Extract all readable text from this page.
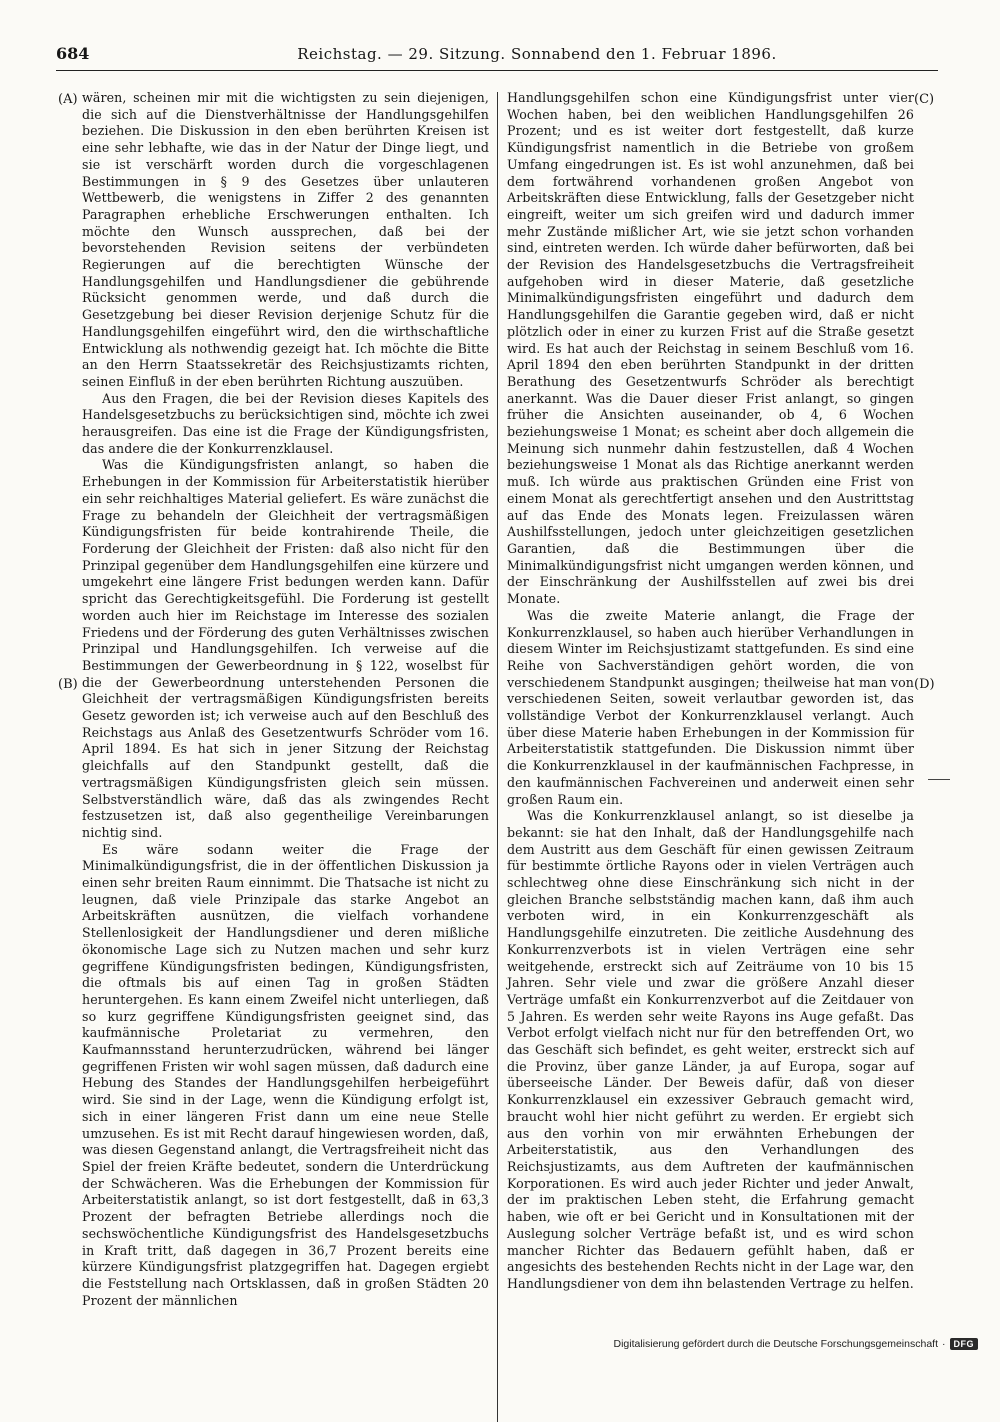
684	Reichstag. — 29. Sitzung. Sonnabend den 1. Februar 1896.
(A)
(B)
(C)
(D)

wären, scheinen mir mit die wichtigsten zu sein diejenigen, die sich auf die Dienstverhältnisse der Handlungsgehilfen beziehen. Die Diskussion in den eben berührten Kreisen ist eine sehr lebhafte, wie das in der Natur der Dinge liegt, und sie ist verschärft worden durch die vorgeschlagenen Bestimmungen in § 9 des Gesetzes über unlauteren Wettbewerb, die wenigstens in Ziffer 2 des genannten Paragraphen erhebliche Erschwerungen enthalten. Ich möchte den Wunsch aussprechen, daß bei der bevorstehenden Revision seitens der verbündeten Regierungen auf die berechtigten Wünsche der Handlungsgehilfen und Handlungsdiener die gebührende Rücksicht genommen werde, und daß durch die Gesetzgebung bei dieser Revision derjenige Schutz für die Handlungsgehilfen eingeführt wird, den die wirthschaftliche Entwicklung als nothwendig gezeigt hat. Ich möchte die Bitte an den Herrn Staatssekretär des Reichsjustizamts richten, seinen Einfluß in der eben berührten Richtung auszuüben.

Aus den Fragen, die bei der Revision dieses Kapitels des Handelsgesetzbuchs zu berücksichtigen sind, möchte ich zwei herausgreifen. Das eine ist die Frage der Kündigungsfristen, das andere die der Konkurrenzklausel.

Was die Kündigungsfristen anlangt, so haben die Erhebungen in der Kommission für Arbeiterstatistik hierüber ein sehr reichhaltiges Material geliefert. Es wäre zunächst die Frage zu behandeln der Gleichheit der vertragsmäßigen Kündigungsfristen für beide kontrahirende Theile, die Forderung der Gleichheit der Fristen: daß also nicht für den Prinzipal gegenüber dem Handlungsgehilfen eine kürzere und umgekehrt eine längere Frist bedungen werden kann. Dafür spricht das Gerechtigkeitsgefühl. Die Forderung ist gestellt worden auch hier im Reichstage im Interesse des sozialen Friedens und der Förderung des guten Verhältnisses zwischen Prinzipal und Handlungsgehilfen. Ich verweise auf die Bestimmungen der Gewerbeordnung in § 122, woselbst für die der Gewerbeordnung unterstehenden Personen die Gleichheit der vertragsmäßigen Kündigungsfristen bereits Gesetz geworden ist; ich verweise auch auf den Beschluß des Reichstags aus Anlaß des Gesetzentwurfs Schröder vom 16. April 1894. Es hat sich in jener Sitzung der Reichstag gleichfalls auf den Standpunkt gestellt, daß die vertragsmäßigen Kündigungsfristen gleich sein müssen. Selbstverständlich wäre, daß das als zwingendes Recht festzusetzen ist, daß also gegentheilige Vereinbarungen nichtig sind.

Es wäre sodann weiter die Frage der Minimalkündigungsfrist, die in der öffentlichen Diskussion ja einen sehr breiten Raum einnimmt. Die Thatsache ist nicht zu leugnen, daß viele Prinzipale das starke Angebot an Arbeitskräften ausnützen, die vielfach vorhandene Stellenlosigkeit der Handlungsdiener und deren mißliche ökonomische Lage sich zu Nutzen machen und sehr kurz gegriffene Kündigungsfristen bedingen, Kündigungsfristen, die oftmals bis auf einen Tag in großen Städten heruntergehen. Es kann einem Zweifel nicht unterliegen, daß so kurz gegriffene Kündigungsfristen geeignet sind, das kaufmännische Proletariat zu vermehren, den Kaufmannsstand herunterzudrücken, während bei länger gegriffenen Fristen wir wohl sagen müssen, daß dadurch eine Hebung des Standes der Handlungsgehilfen herbeigeführt wird. Sie sind in der Lage, wenn die Kündigung erfolgt ist, sich in einer längeren Frist dann um eine neue Stelle umzusehen. Es ist mit Recht darauf hingewiesen worden, daß, was diesen Gegenstand anlangt, die Vertragsfreiheit nicht das Spiel der freien Kräfte bedeutet, sondern die Unterdrückung der Schwächeren. Was die Erhebungen der Kommission für Arbeiterstatistik anlangt, so ist dort festgestellt, daß in 63,3 Prozent der befragten Betriebe allerdings noch die sechswöchentliche Kündigungsfrist des Handelsgesetzbuchs in Kraft tritt, daß dagegen in 36,7 Prozent bereits eine kürzere Kündigungsfrist platzgegriffen hat. Dagegen ergiebt die Feststellung nach Ortsklassen, daß in großen Städten 20 Prozent der männlichen

Handlungsgehilfen schon eine Kündigungsfrist unter vier Wochen haben, bei den weiblichen Handlungsgehilfen 26 Prozent; und es ist weiter dort festgestellt, daß kurze Kündigungsfrist namentlich in die Betriebe von großem Umfang eingedrungen ist. Es ist wohl anzunehmen, daß bei dem fortwährend vorhandenen großen Angebot von Arbeitskräften diese Entwicklung, falls der Gesetzgeber nicht eingreift, weiter um sich greifen wird und dadurch immer mehr Zustände mißlicher Art, wie sie jetzt schon vorhanden sind, eintreten werden. Ich würde daher befürworten, daß bei der Revision des Handelsgesetzbuchs die Vertragsfreiheit aufgehoben wird in dieser Materie, daß gesetzliche Minimalkündigungsfristen eingeführt und dadurch dem Handlungsgehilfen die Garantie gegeben wird, daß er nicht plötzlich oder in einer zu kurzen Frist auf die Straße gesetzt wird. Es hat auch der Reichstag in seinem Beschluß vom 16. April 1894 den eben berührten Standpunkt in der dritten Berathung des Gesetzentwurfs Schröder als berechtigt anerkannt. Was die Dauer dieser Frist anlangt, so gingen früher die Ansichten auseinander, ob 4, 6 Wochen beziehungsweise 1 Monat; es scheint aber doch allgemein die Meinung sich nunmehr dahin festzustellen, daß 4 Wochen beziehungsweise 1 Monat als das Richtige anerkannt werden muß. Ich würde aus praktischen Gründen eine Frist von einem Monat als gerechtfertigt ansehen und den Austrittstag auf das Ende des Monats legen. Freizulassen wären Aushilfsstellungen, jedoch unter gleichzeitigen gesetzlichen Garantien, daß die Bestimmungen über die Minimalkündigungsfrist nicht umgangen werden können, und der Einschränkung der Aushilfsstellen auf zwei bis drei Monate.

Was die zweite Materie anlangt, die Frage der Konkurrenzklausel, so haben auch hierüber Verhandlungen in diesem Winter im Reichsjustizamt stattgefunden. Es sind eine Reihe von Sachverständigen gehört worden, die von verschiedenem Standpunkt ausgingen; theilweise hat man von verschiedenen Seiten, soweit verlautbar geworden ist, das vollständige Verbot der Konkurrenzklausel verlangt. Auch über diese Materie haben Erhebungen in der Kommission für Arbeiterstatistik stattgefunden. Die Diskussion nimmt über die Konkurrenzklausel in der kaufmännischen Fachpresse, in den kaufmännischen Fachvereinen und anderweit einen sehr großen Raum ein.

Was die Konkurrenzklausel anlangt, so ist dieselbe ja bekannt: sie hat den Inhalt, daß der Handlungsgehilfe nach dem Austritt aus dem Geschäft für einen gewissen Zeitraum für bestimmte örtliche Rayons oder in vielen Verträgen auch schlechtweg ohne diese Einschränkung sich nicht in der gleichen Branche selbstständig machen kann, daß ihm auch verboten wird, in ein Konkurrenzgeschäft als Handlungsgehilfe einzutreten. Die zeitliche Ausdehnung des Konkurrenzverbots ist in vielen Verträgen eine sehr weitgehende, erstreckt sich auf Zeiträume von 10 bis 15 Jahren. Sehr viele und zwar die größere Anzahl dieser Verträge umfaßt ein Konkurrenzverbot auf die Zeitdauer von 5 Jahren. Es werden sehr weite Rayons ins Auge gefaßt. Das Verbot erfolgt vielfach nicht nur für den betreffenden Ort, wo das Geschäft sich befindet, es geht weiter, erstreckt sich auf die Provinz, über ganze Länder, ja auf Europa, sogar auf überseeische Länder. Der Beweis dafür, daß von dieser Konkurrenzklausel ein exzessiver Gebrauch gemacht wird, braucht wohl hier nicht geführt zu werden. Er ergiebt sich aus den vorhin von mir erwähnten Erhebungen der Arbeiterstatistik, aus den Verhandlungen des Reichsjustizamts, aus dem Auftreten der kaufmännischen Korporationen. Es wird auch jeder Richter und jeder Anwalt, der im praktischen Leben steht, die Erfahrung gemacht haben, wie oft er bei Gericht und in Konsultationen mit der Auslegung solcher Verträge befaßt ist, und es wird schon mancher Richter das Bedauern gefühlt haben, daß er angesichts des bestehenden Rechts nicht in der Lage war, den Handlungsdiener von dem ihn belastenden Vertrage zu helfen.

Digitalisierung gefördert durch die Deutsche Forschungsgemeinschaft · DFG
